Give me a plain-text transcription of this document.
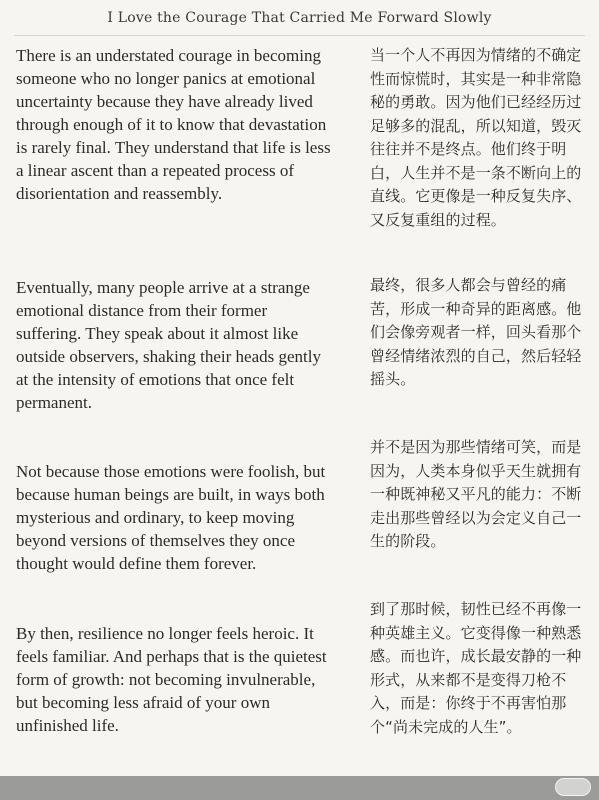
I Love the Courage That Carried Me Forward Slowly

There is an understated courage in becoming someone who no longer panics at emotional uncertainty because they have already lived through enough of it to know that devastation is rarely final. They understand that life is less a linear ascent than a repeated process of disorientation and reassembly.

Eventually, many people arrive at a strange emotional distance from their former suffering. They speak about it almost like outside observers, shaking their heads gently at the intensity of emotions that once felt permanent.

Not because those emotions were foolish, but because human beings are built, in ways both mysterious and ordinary, to keep moving beyond versions of themselves they once thought would define them forever.

By then, resilience no longer feels heroic. It feels familiar. And perhaps that is the quietest form of growth: not becoming invulnerable, but becoming less afraid of your own unfinished life.

当一个人不再因为情绪的不确定性而惊慌时，其实是一种非常隐秘的勇敢。因为他们已经经历过足够多的混乱，所以知道，毁灭往往并不是终点。他们终于明白，人生并不是一条不断向上的直线。它更像是一种反复失序、又反复重组的过程。

最终，很多人都会与曾经的痛苦，形成一种奇异的距离感。他们会像旁观者一样，回头看那个曾经情绪浓烈的自己，然后轻轻摇头。

并不是因为那些情绪可笑，而是因为，人类本身似乎天生就拥有一种既神秘又平凡的能力：不断走出那些曾经以为会定义自己一生的阶段。

到了那时候，韧性已经不再像一种英雄主义。它变得像一种熟悉感。而也许，成长最安静的一种形式，从来都不是变得刀枪不入，而是：你终于不再害怕那个“尚未完成的人生”。
